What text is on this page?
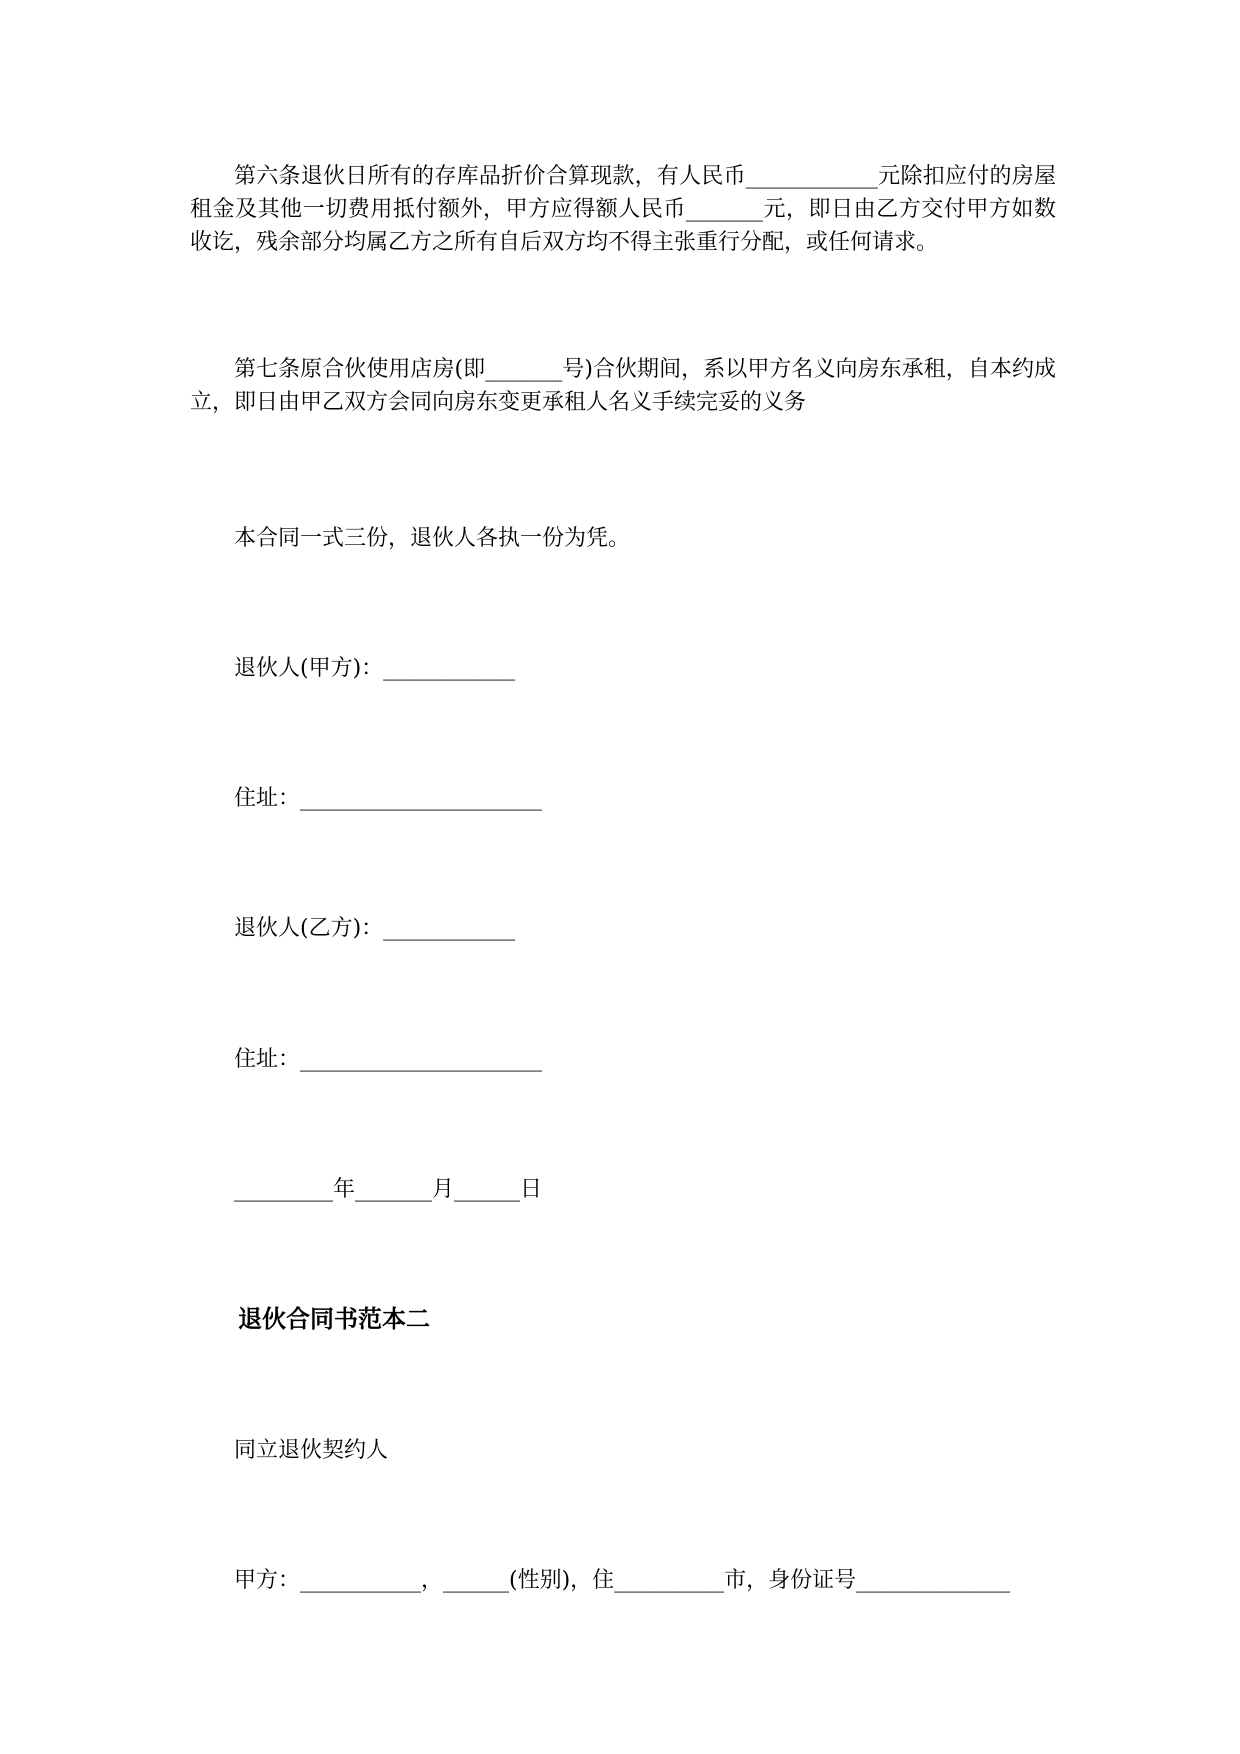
第六条退伙日所有的存库品折价合算现款，有人民币____________元除扣应付的房屋租金及其他一切费用抵付额外，甲方应得额人民币_______元，即日由乙方交付甲方如数收讫，残余部分均属乙方之所有自后双方均不得主张重行分配，或任何请求。

第七条原合伙使用店房(即_______号)合伙期间，系以甲方名义向房东承租，自本约成立，即日由甲乙双方会同向房东变更承租人名义手续完妥的义务

本合同一式三份，退伙人各执一份为凭。

退伙人(甲方)：____________

住址：______________________

退伙人(乙方)：____________

住址：______________________

_________年_______月______日

退伙合同书范本二

同立退伙契约人

甲方：___________，______(性别)，住__________市，身份证号______________
